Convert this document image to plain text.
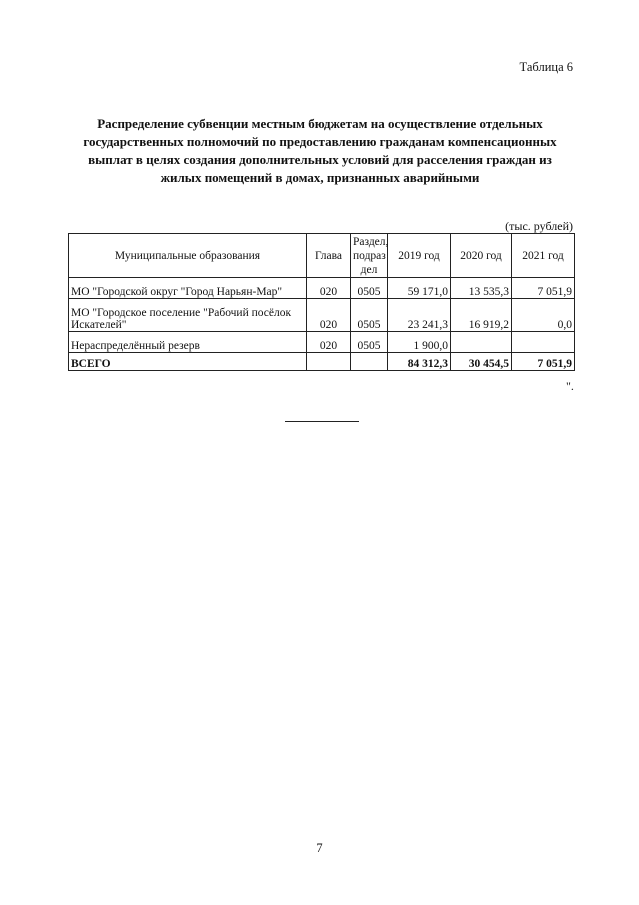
Таблица 6
Распределение субвенции местным бюджетам на осуществление отдельных
государственных полномочий по предоставлению гражданам компенсационных
выплат в целях создания дополнительных условий для расселения граждан из
жилых помещений в домах, признанных аварийными
(тыс. рублей)
Муниципальные образования	Глава	Раздел, подраз дел	2019 год	2020 год	2021 год
МО "Городской округ "Город Нарьян-Мар"	020	0505	59 171,0	13 535,3	7 051,9
МО "Городское поселение "Рабочий посёлок Искателей"	020	0505	23 241,3	16 919,2	0,0
Нераспределённый резерв	020	0505	1 900,0		
ВСЕГО			84 312,3	30 454,5	7 051,9
".
7
